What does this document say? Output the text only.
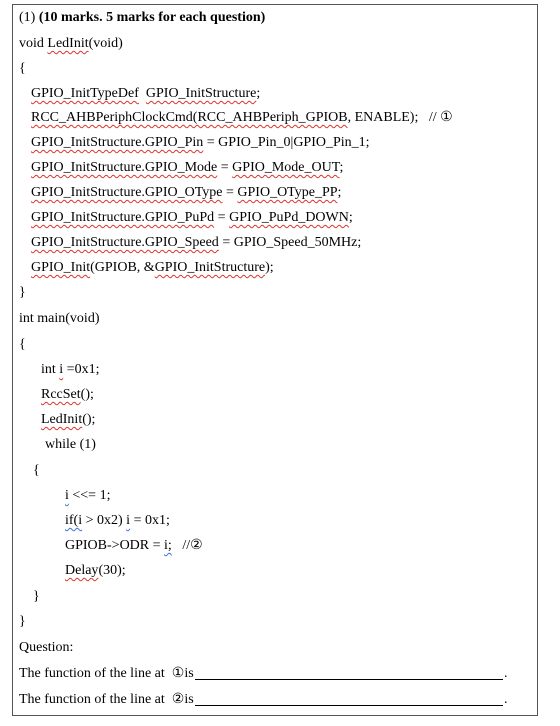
(1) (10 marks. 5 marks for each question)
void LedInit(void)
{
GPIO_InitTypeDef GPIO_InitStructure;
RCC_AHBPeriphClockCmd(RCC_AHBPeriph_GPIOB, ENABLE);   // ①
GPIO_InitStructure.GPIO_Pin = GPIO_Pin_0|GPIO_Pin_1;
GPIO_InitStructure.GPIO_Mode = GPIO_Mode_OUT;
GPIO_InitStructure.GPIO_OType = GPIO_OType_PP;
GPIO_InitStructure.GPIO_PuPd = GPIO_PuPd_DOWN;
GPIO_InitStructure.GPIO_Speed = GPIO_Speed_50MHz;
GPIO_Init(GPIOB, &GPIO_InitStructure);
}
int main(void)
{
int i =0x1;
RccSet();
LedInit();
while (1)
{
i <<= 1;
if(i > 0x2) i = 0x1;
GPIOB->ODR = i;   //②
Delay(30);
}
}
Question:
The function of the line at  ①is	.
The function of the line at  ②is	.
